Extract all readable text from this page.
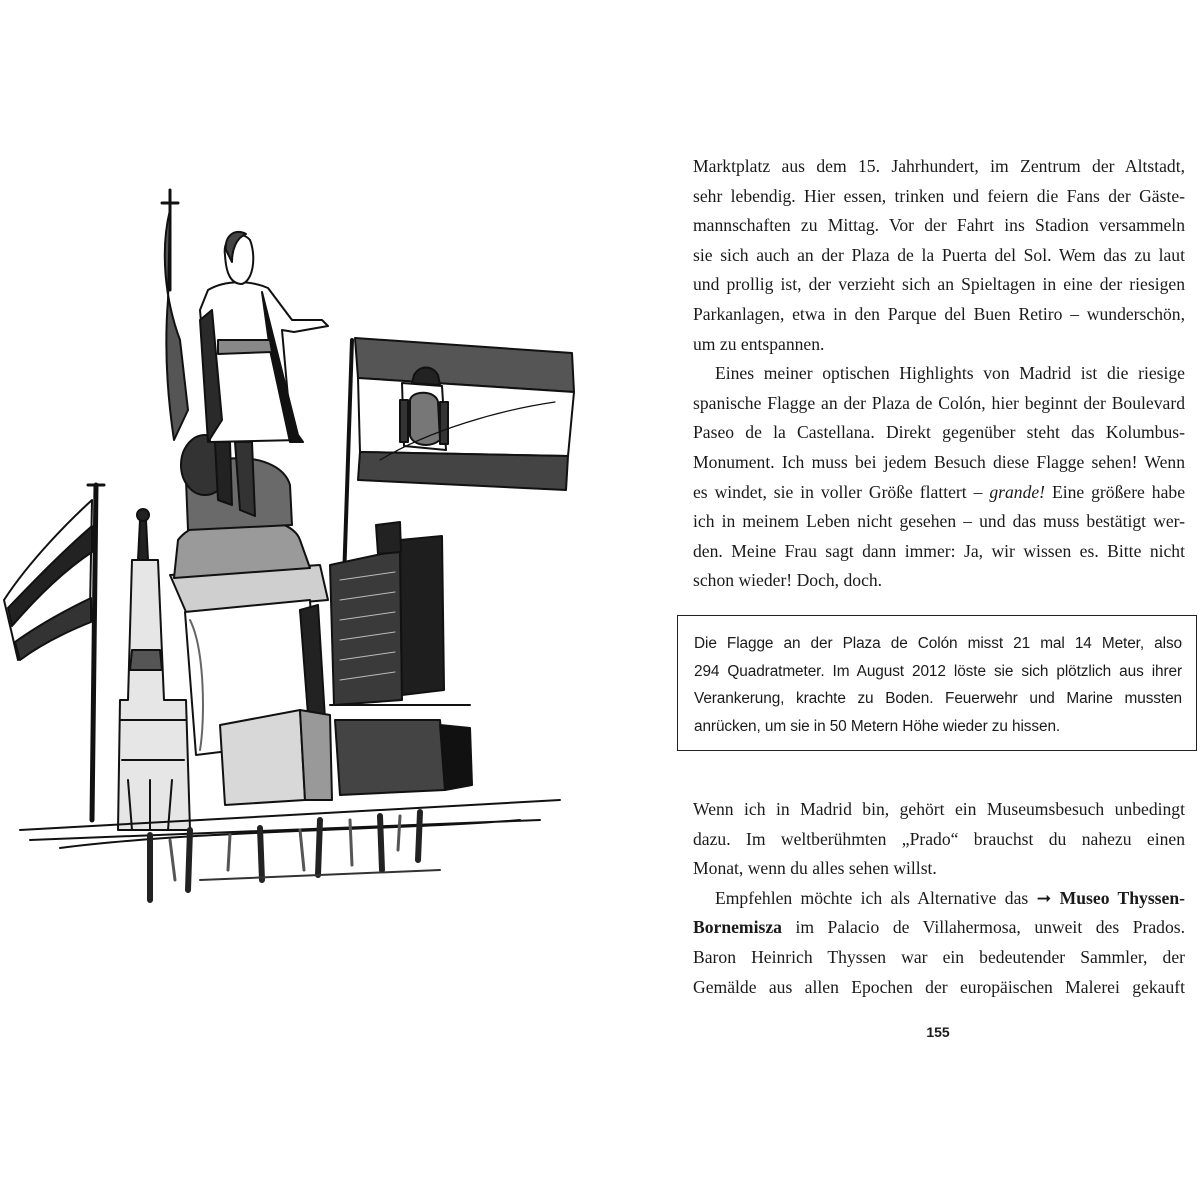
Marktplatz aus dem 15. Jahrhundert, im Zentrum der Altstadt,
sehr lebendig. Hier essen, trinken und feiern die Fans der Gäste-
mannschaften zu Mittag. Vor der Fahrt ins Stadion versammeln
sie sich auch an der Plaza de la Puerta del Sol. Wem das zu laut
und prollig ist, der verzieht sich an Spieltagen in eine der riesigen
Parkanlagen, etwa in den Parque del Buen Retiro – wunderschön,
um zu entspannen.

Eines meiner optischen Highlights von Madrid ist die riesige
spanische Flagge an der Plaza de Colón, hier beginnt der Boulevard
Paseo de la Castellana. Direkt gegenüber steht das Kolumbus-
Monument. Ich muss bei jedem Besuch diese Flagge sehen! Wenn
es windet, sie in voller Größe flattert – grande! Eine größere habe
ich in meinem Leben nicht gesehen – und das muss bestätigt wer-
den. Meine Frau sagt dann immer: Ja, wir wissen es. Bitte nicht
schon wieder! Doch, doch.

Die Flagge an der Plaza de Colón misst 21 mal 14 Meter, also
294 Quadratmeter. Im August 2012 löste sie sich plötzlich aus ihrer
Verankerung, krachte zu Boden. Feuerwehr und Marine mussten
anrücken, um sie in 50 Metern Höhe wieder zu hissen.

Wenn ich in Madrid bin, gehört ein Museumsbesuch unbedingt
dazu. Im weltberühmten „Prado“ brauchst du nahezu einen
Monat, wenn du alles sehen willst.

Empfehlen möchte ich als Alternative das ➞ Museo Thyssen-
Bornemisza im Palacio de Villahermosa, unweit des Prados.
Baron Heinrich Thyssen war ein bedeutender Sammler, der
Gemälde aus allen Epochen der europäischen Malerei gekauft

155
